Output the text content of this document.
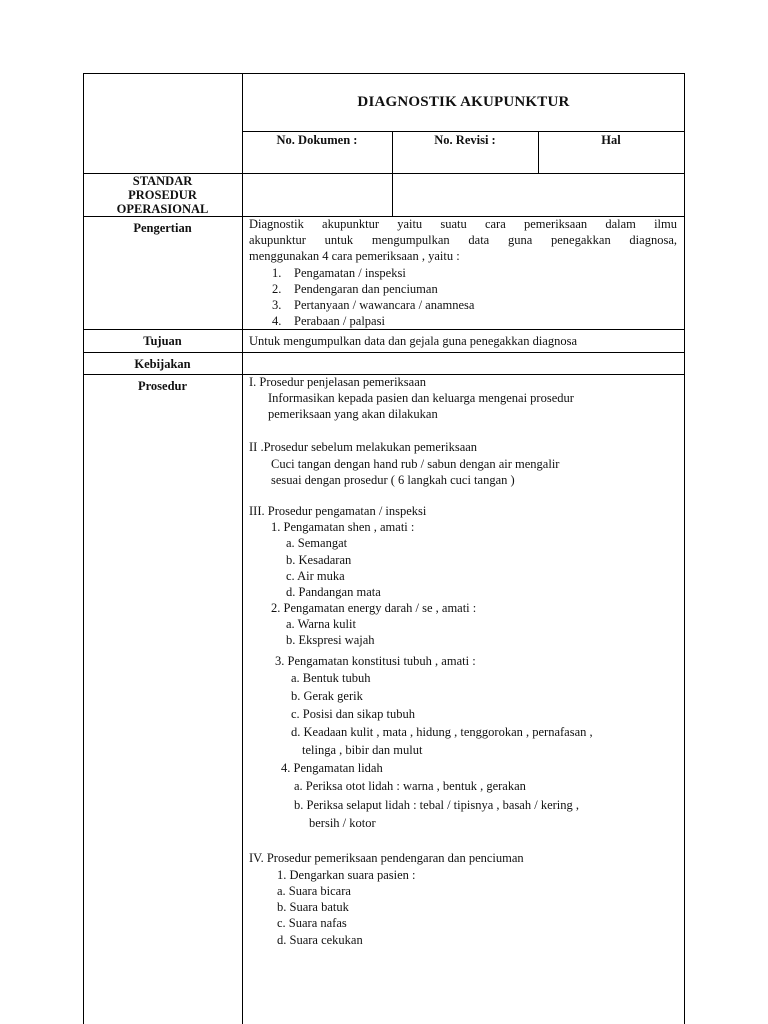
DIAGNOSTIK AKUPUNKTUR
No. Dokumen :	No. Revisi :	Hal
STANDAR
PROSEDUR
OPERASIONAL
Pengertian	Diagnostik akupunktur yaitu suatu cara pemeriksaan dalam ilmu
akupunktur untuk mengumpulkan data guna penegakkan diagnosa,
menggunakan 4 cara pemeriksaan , yaitu :
1. Pengamatan / inspeksi
2. Pendengaran dan penciuman
3. Pertanyaan / wawancara / anamnesa
4. Perabaan / palpasi
Tujuan	Untuk mengumpulkan data dan gejala guna penegakkan diagnosa
Kebijakan
Prosedur	I. Prosedur penjelasan pemeriksaan
Informasikan kepada pasien dan keluarga mengenai prosedur
pemeriksaan yang akan dilakukan
II .Prosedur sebelum melakukan pemeriksaan
Cuci tangan dengan hand rub / sabun dengan air mengalir
sesuai dengan prosedur ( 6 langkah cuci tangan )
III. Prosedur pengamatan / inspeksi
1. Pengamatan shen , amati :
a. Semangat
b. Kesadaran
c. Air muka
d. Pandangan mata
2. Pengamatan energy darah / se , amati :
a. Warna kulit
b. Ekspresi wajah
3. Pengamatan konstitusi tubuh , amati :
a. Bentuk tubuh
b. Gerak gerik
c. Posisi dan sikap tubuh
d. Keadaan kulit , mata , hidung , tenggorokan , pernafasan ,
telinga , bibir dan mulut
4. Pengamatan lidah
a. Periksa otot lidah : warna , bentuk , gerakan
b. Periksa selaput lidah : tebal / tipisnya , basah / kering ,
bersih / kotor
IV. Prosedur pemeriksaan pendengaran dan penciuman
1. Dengarkan suara pasien :
a. Suara bicara
b. Suara batuk
c. Suara nafas
d. Suara cekukan
